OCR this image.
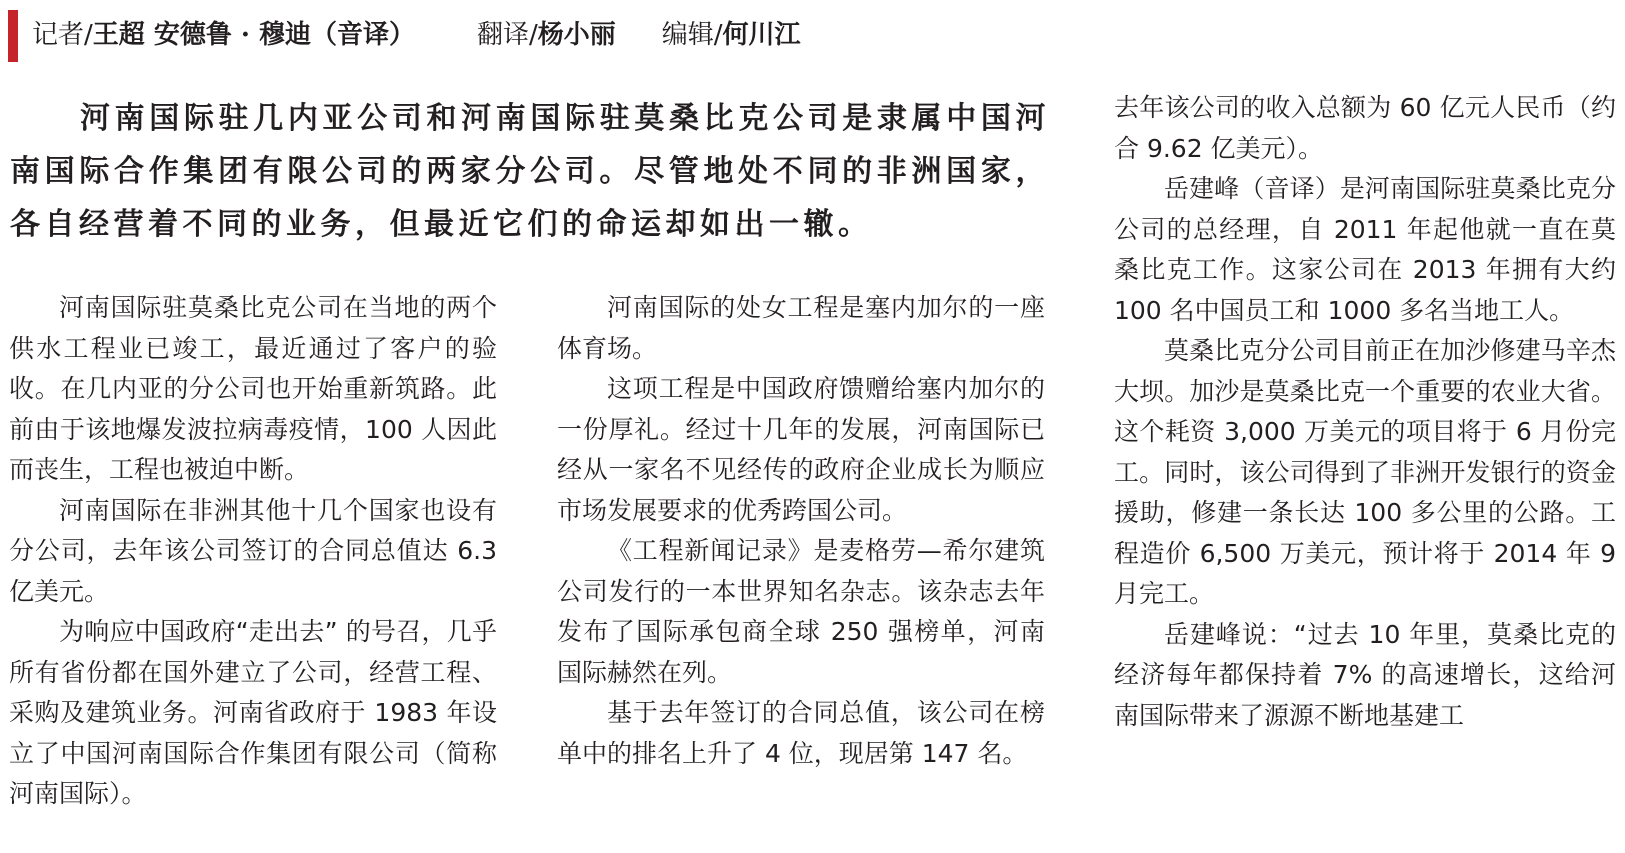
记者/王超 安德鲁 · 穆迪（音译） 翻译/杨小丽 编辑/何川江

河南国际驻几内亚公司和河南国际驻莫桑比克公司是隶属中国河南国际合作集团有限公司的两家分公司。尽管地处不同的非洲国家，各自经营着不同的业务，但最近它们的命运却如出一辙。

河南国际驻莫桑比克公司在当地的两个供水工程业已竣工，最近通过了客户的验收。在几内亚的分公司也开始重新筑路。此前由于该地爆发波拉病毒疫情，100 人因此而丧生，工程也被迫中断。

河南国际在非洲其他十几个国家也设有分公司，去年该公司签订的合同总值达 6.3 亿美元。

为响应中国政府“走出去” 的号召，几乎所有省份都在国外建立了公司，经营工程、采购及建筑业务。河南省政府于 1983 年设立了中国河南国际合作集团有限公司（简称河南国际）。

河南国际的处女工程是塞内加尔的一座体育场。

这项工程是中国政府馈赠给塞内加尔的一份厚礼。经过十几年的发展，河南国际已经从一家名不见经传的政府企业成长为顺应市场发展要求的优秀跨国公司。

《工程新闻记录》是麦格劳—希尔建筑公司发行的一本世界知名杂志。该杂志去年发布了国际承包商全球 250 强榜单，河南国际赫然在列。

基于去年签订的合同总值，该公司在榜单中的排名上升了 4 位，现居第 147 名。

去年该公司的收入总额为 60 亿元人民币（约合 9.62 亿美元）。

岳建峰（音译）是河南国际驻莫桑比克分公司的总经理，自 2011 年起他就一直在莫桑比克工作。这家公司在 2013 年拥有大约 100 名中国员工和 1000 多名当地工人。

莫桑比克分公司目前正在加沙修建马辛杰大坝。加沙是莫桑比克一个重要的农业大省。这个耗资 3,000 万美元的项目将于 6 月份完工。同时，该公司得到了非洲开发银行的资金援助，修建一条长达 100 多公里的公路。工程造价 6,500 万美元，预计将于 2014 年 9 月完工。

岳建峰说：“过去 10 年里，莫桑比克的经济每年都保持着 7% 的高速增长，这给河南国际带来了源源不断地基建工
